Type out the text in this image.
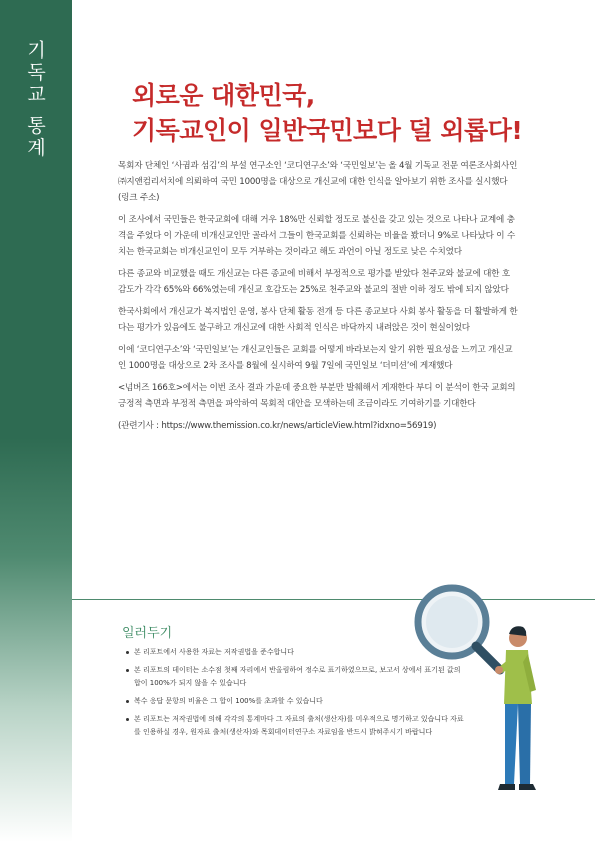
기독교 통계	외로운 대한민국,
기독교인이 일반국민보다 덜 외롭다!

목회자 단체인 ‘사귐과 섬김’의 부설 연구소인 ‘코디연구소’와 ‘국민일보’는 올 4월 기독교 전문 여론조사회사인 ㈜지앤컴리서치에 의뢰하여 국민 1000명을 대상으로 개신교에 대한 인식을 알아보기 위한 조사를 실시했다 (링크 주소)

이 조사에서 국민들은 한국교회에 대해 거우 18%만 신뢰할 정도로 불신을 갖고 있는 것으로 나타나 교계에 충격을 주었다 이 가운데 비개신교인만 골라서 그들이 한국교회를 신뢰하는 비율을 봤더니 9%로 나타났다 이 수치는 한국교회는 비개신교인이 모두 거부하는 것이라고 해도 과언이 아닐 정도로 낮은 수치였다

다른 종교와 비교했을 때도 개신교는 다른 종교에 비해서 부정적으로 평가를 받았다 천주교와 불교에 대한 호감도가 각각 65%와 66%였는데 개신교 호감도는 25%로 천주교와 불교의 절반 이하 정도 밖에 되지 않았다

한국사회에서 개신교가 복지법인 운영, 봉사 단체 활동 전개 등 다른 종교보다 사회 봉사 활동을 더 활발하게 한다는 평가가 있음에도 불구하고 개신교에 대한 사회적 인식은 바닥까지 내려앉은 것이 현실이었다

이에 ‘코디연구소’와 ‘국민일보’는 개신교인들은 교회를 어떻게 바라보는지 알기 위한 필요성을 느끼고 개신교인 1000명을 대상으로 2차 조사를 8월에 실시하여 9월 7일에 국민일보 ‘더미션’에 게재했다

<넘버즈 166호>에서는 이번 조사 결과 가운데 중요한 부분만 발췌해서 게재한다 부디 이 분석이 한국 교회의 긍정적 측면과 부정적 측면을 파악하여 목회적 대안을 모색하는데 조금이라도 기여하기를 기대한다

(관련기사 : https://www.themission.co.kr/news/articleView.html?idxno=56919)

일러두기
본 리포트에서 사용한 자료는 저작권법을 준수합니다
본 리포트의 데이터는 소수점 첫째 자리에서 반올림하여 정수로 표기하였으므로, 보고서 상에서 표기된 값의 합이 100%가 되지 않을 수 있습니다
복수 응답 문항의 비율은 그 합이 100%를 초과할 수 있습니다
본 리포트는 저작권법에 의해 각각의 통계마다 그 자료의 출처(생산자)를 미우적으로 명기하고 있습니다 자료를 인용하실 경우, 원자료 출처(생산자)와 목회데이터연구소 자료임을 반드시 밝혀주시기 바랍니다
